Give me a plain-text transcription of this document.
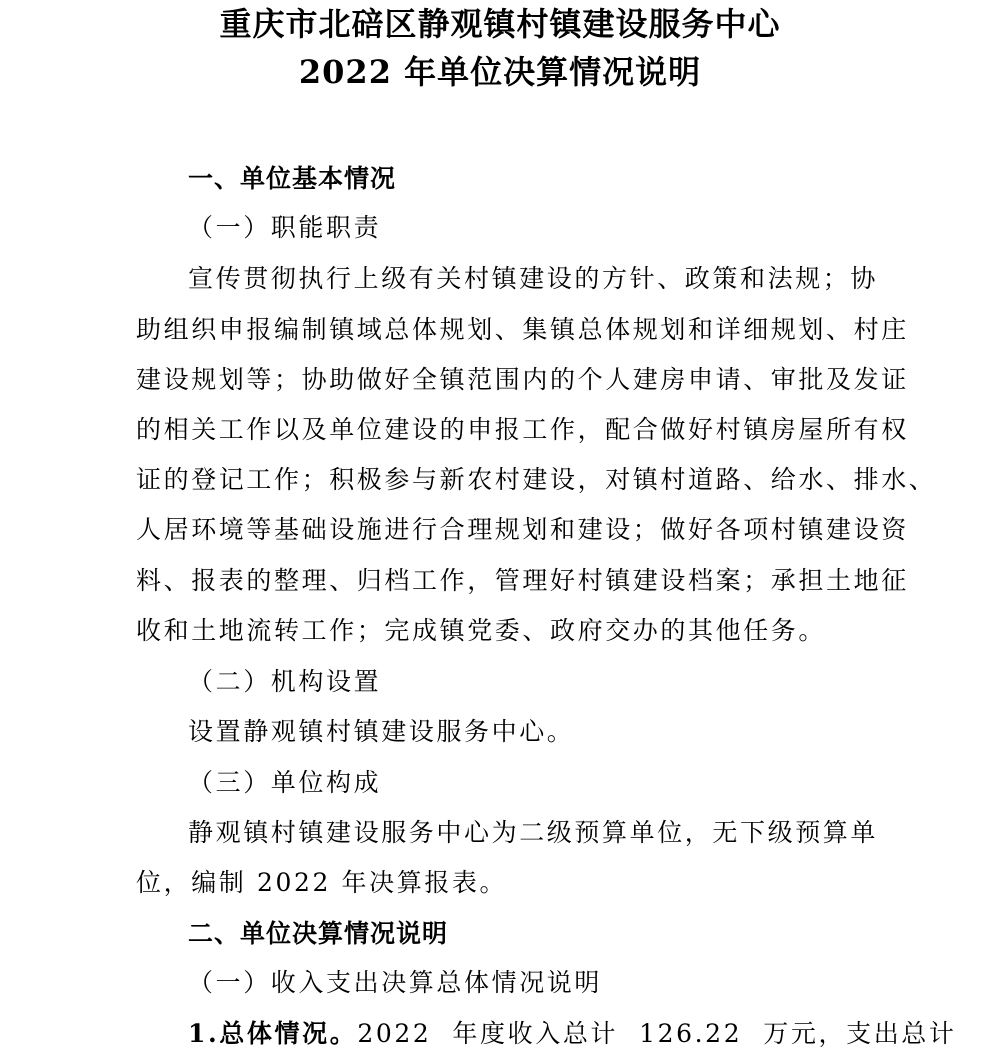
重庆市北碚区静观镇村镇建设服务中心
2022 年单位决算情况说明
一、单位基本情况
（一）职能职责
宣传贯彻执行上级有关村镇建设的方针、政策和法规；协
助组织申报编制镇域总体规划、集镇总体规划和详细规划、村庄
建设规划等；协助做好全镇范围内的个人建房申请、审批及发证
的相关工作以及单位建设的申报工作，配合做好村镇房屋所有权
证的登记工作；积极参与新农村建设，对镇村道路、给水、排水、
人居环境等基础设施进行合理规划和建设；做好各项村镇建设资
料、报表的整理、归档工作，管理好村镇建设档案；承担土地征
收和土地流转工作；完成镇党委、政府交办的其他任务。
（二）机构设置
设置静观镇村镇建设服务中心。
（三）单位构成
静观镇村镇建设服务中心为二级预算单位，无下级预算单
位，编制 2022 年决算报表。
二、单位决算情况说明
（一）收入支出决算总体情况说明
1.总体情况。2022  年度收入总计  126.22  万元，支出总计
